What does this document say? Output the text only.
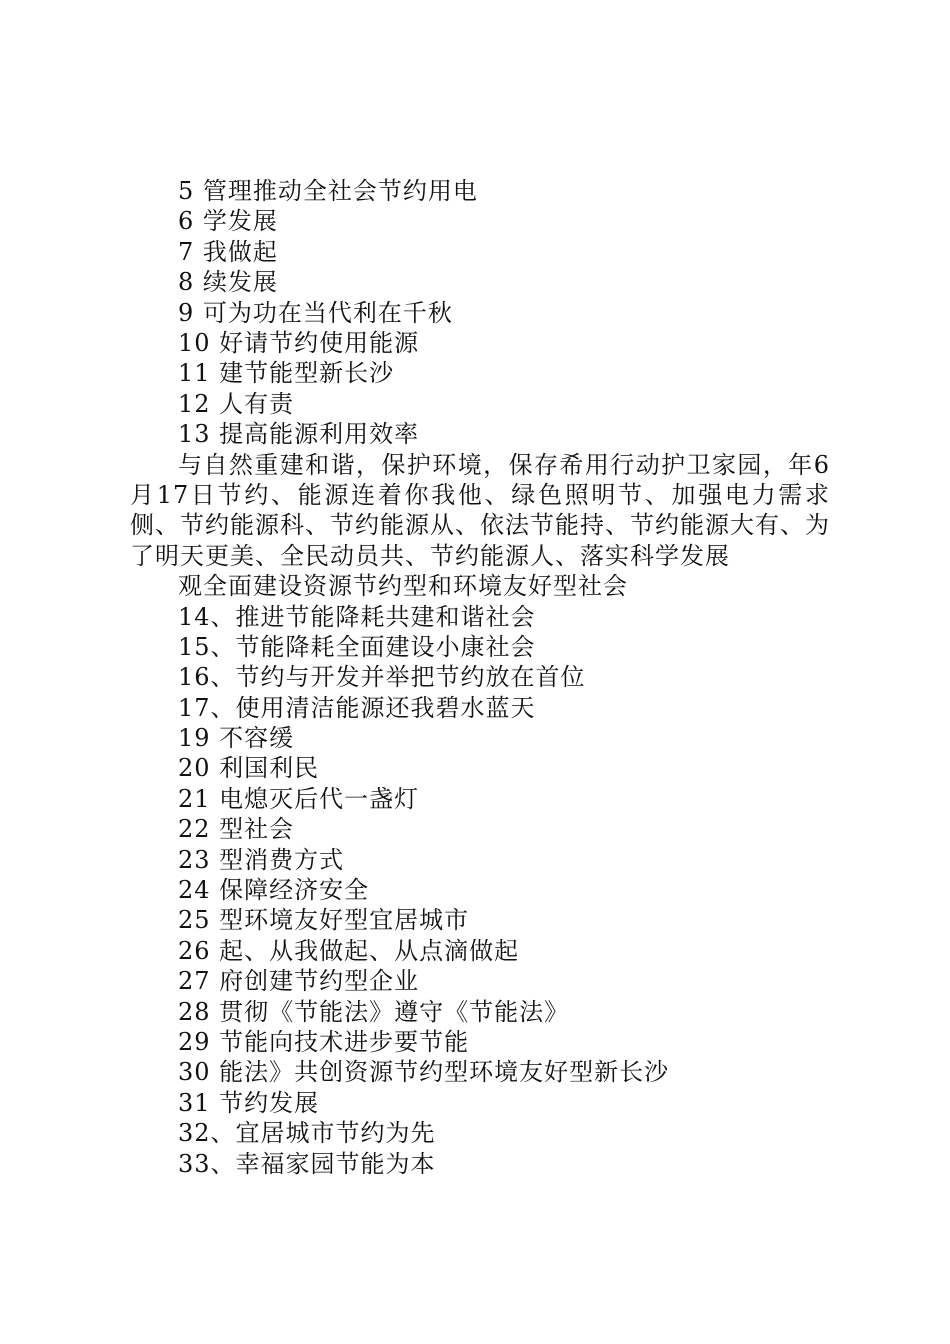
5 管理推动全社会节约用电
6 学发展
7 我做起
8 续发展
9 可为功在当代利在千秋
10 好请节约使用能源
11 建节能型新长沙
12 人有责
13 提高能源利用效率
与自然重建和谐，保护环境，保存希用行动护卫家园，年6月17日节约、能源连着你我他、绿色照明节、加强电力需求侧、节约能源科、节约能源从、依法节能持、节约能源大有、为了明天更美、全民动员共、节约能源人、落实科学发展
观全面建设资源节约型和环境友好型社会
14、推进节能降耗共建和谐社会
15、节能降耗全面建设小康社会
16、节约与开发并举把节约放在首位
17、使用清洁能源还我碧水蓝天
19 不容缓
20 利国利民
21 电熄灭后代一盏灯
22 型社会
23 型消费方式
24 保障经济安全
25 型环境友好型宜居城市
26 起、从我做起、从点滴做起
27 府创建节约型企业
28 贯彻《节能法》遵守《节能法》
29 节能向技术进步要节能
30 能法》共创资源节约型环境友好型新长沙
31 节约发展
32、宜居城市节约为先
33、幸福家园节能为本
